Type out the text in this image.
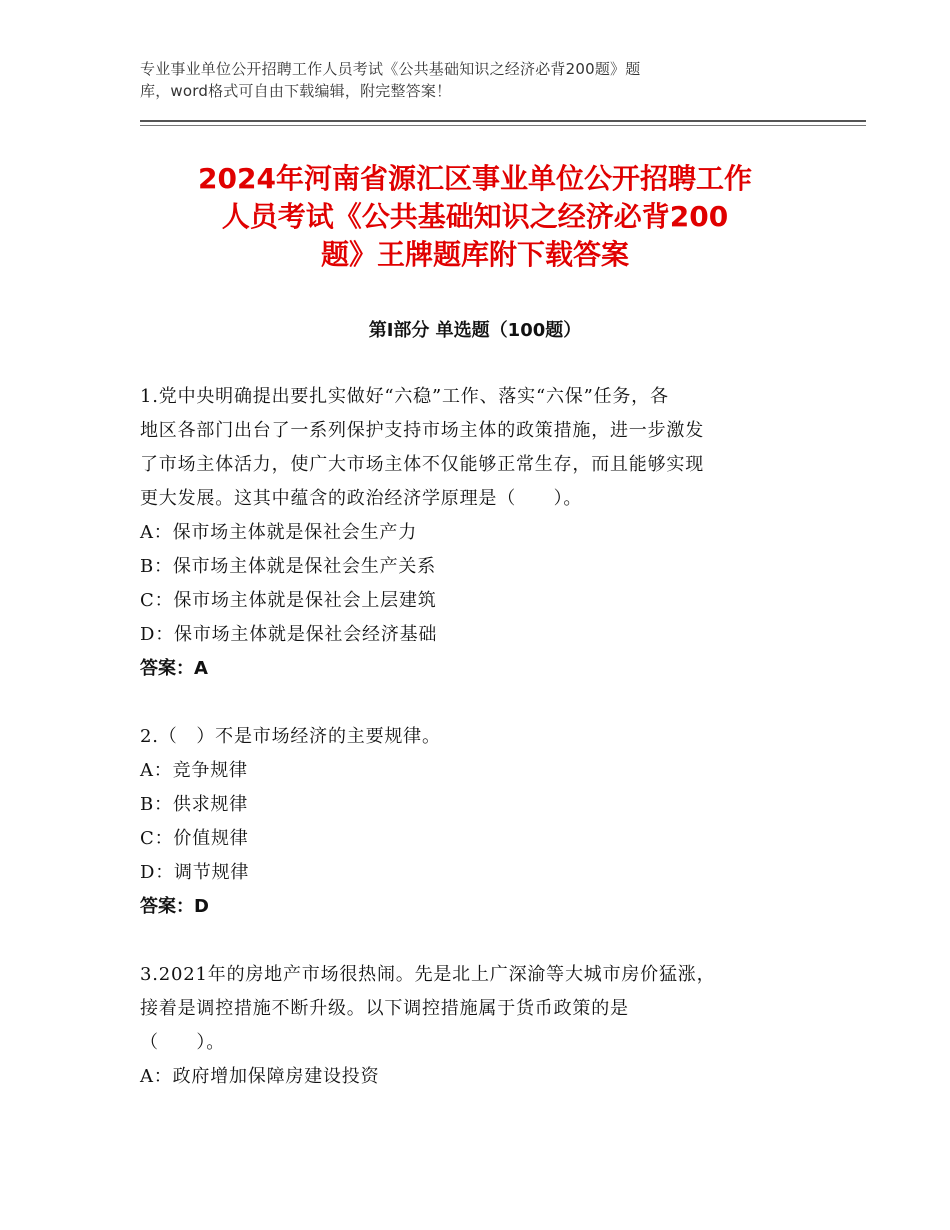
专业事业单位公开招聘工作人员考试《公共基础知识之经济必背200题》题
库，word格式可自由下载编辑，附完整答案！
2024年河南省源汇区事业单位公开招聘工作
人员考试《公共基础知识之经济必背200
题》王牌题库附下载答案
第Ⅰ部分 单选题（100题）
1.党中央明确提出要扎实做好“六稳”工作、落实“六保”任务，各
地区各部门出台了一系列保护支持市场主体的政策措施，进一步激发
了市场主体活力，使广大市场主体不仅能够正常生存，而且能够实现
更大发展。这其中蕴含的政治经济学原理是（　　）。
A：保市场主体就是保社会生产力
B：保市场主体就是保社会生产关系
C：保市场主体就是保社会上层建筑
D：保市场主体就是保社会经济基础
答案：A
2.（　）不是市场经济的主要规律。
A：竞争规律
B：供求规律
C：价值规律
D：调节规律
答案：D
3.2021年的房地产市场很热闹。先是北上广深渝等大城市房价猛涨，
接着是调控措施不断升级。以下调控措施属于货币政策的是
（　　）。
A：政府增加保障房建设投资
